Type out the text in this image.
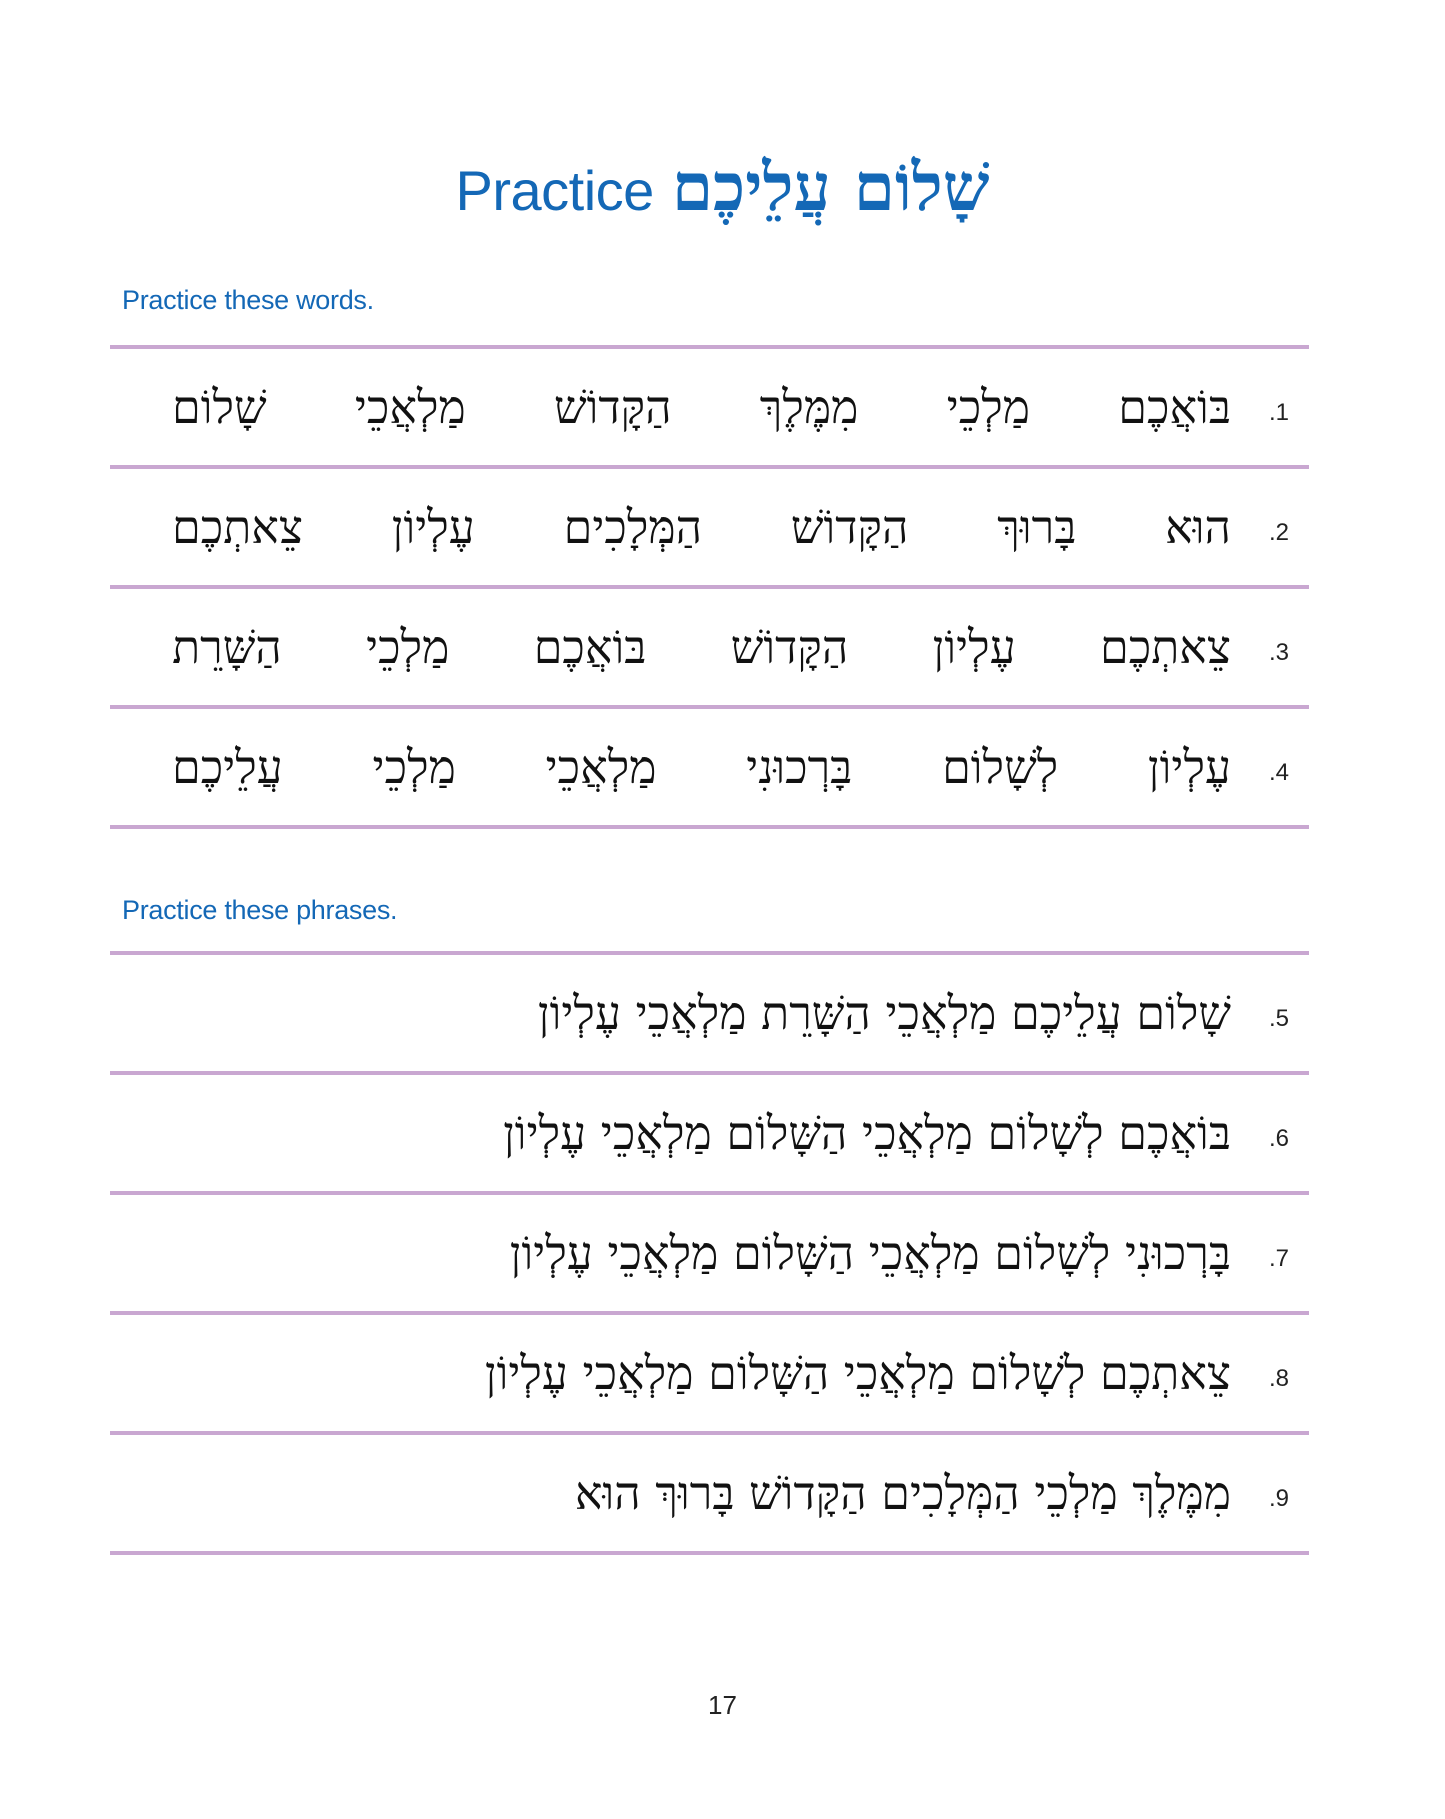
Practice שָׁלוֹם עֲלֵיכֶם
Practice these words.
.1
שָׁלוֹם מַלְאֲכֵי הַקָּדוֹשׁ מִמֶּלֶךְ מַלְכֵי בּוֹאֲכֶם
.2
צֵאתְכֶם עֶלְיוֹן הַמְּלָכִים הַקָּדוֹשׁ בָּרוּךְ הוּא
.3
הַשָּׁרֵת מַלְכֵי בּוֹאֲכֶם הַקָּדוֹשׁ עֶלְיוֹן צֵאתְכֶם
.4
עֲלֵיכֶם מַלְכֵי מַלְאֲכֵי בָּרְכוּנִי לְשָׁלוֹם עֶלְיוֹן
Practice these phrases.
.5
שָׁלוֹם עֲלֵיכֶם מַלְאֲכֵי הַשָּׁרֵת מַלְאֲכֵי עֶלְיוֹן
.6
בּוֹאֲכֶם לְשָׁלוֹם מַלְאֲכֵי הַשָּׁלוֹם מַלְאֲכֵי עֶלְיוֹן
.7
בָּרְכוּנִי לְשָׁלוֹם מַלְאֲכֵי הַשָּׁלוֹם מַלְאֲכֵי עֶלְיוֹן
.8
צֵאתְכֶם לְשָׁלוֹם מַלְאֲכֵי הַשָּׁלוֹם מַלְאֲכֵי עֶלְיוֹן
.9
מִמֶּלֶךְ מַלְכֵי הַמְּלָכִים הַקָּדוֹשׁ בָּרוּךְ הוּא
17
